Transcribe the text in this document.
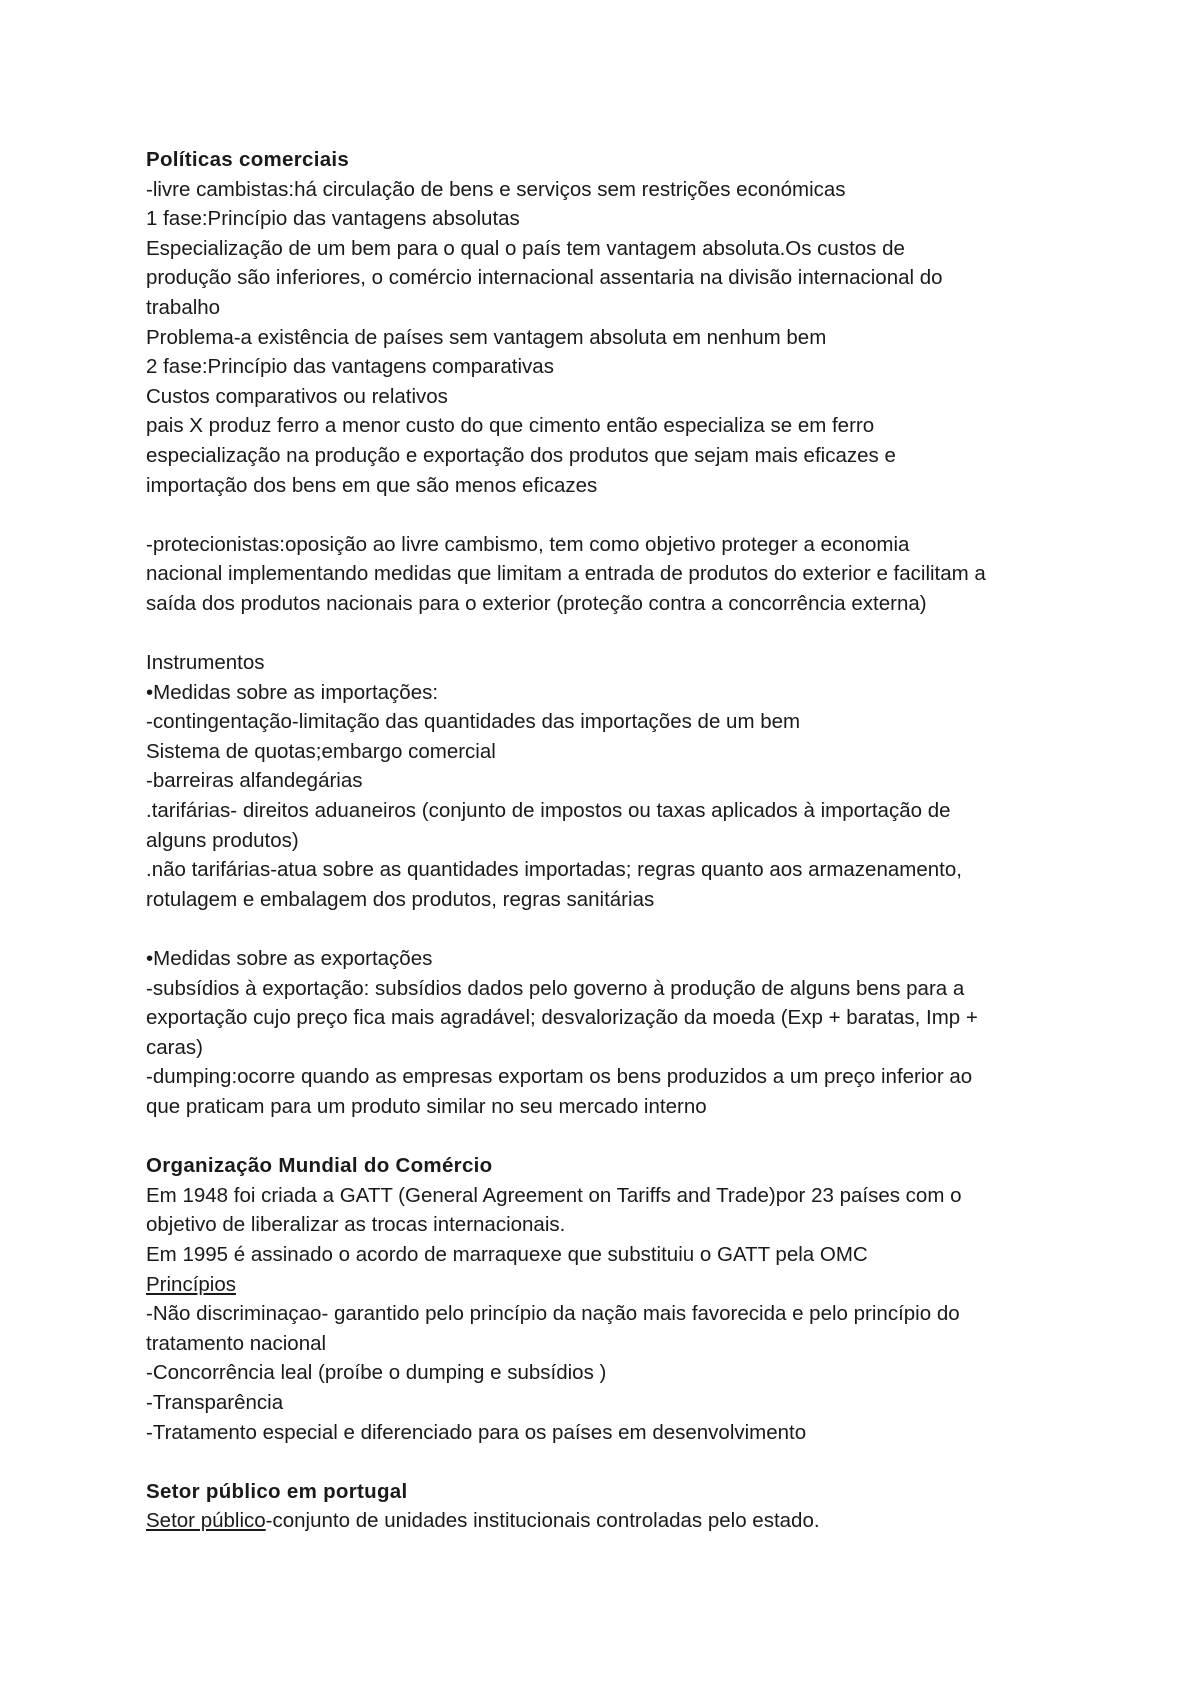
Políticas comerciais
-livre cambistas:há circulação de bens e serviços sem restrições económicas
1 fase:Princípio das vantagens absolutas
Especialização de um bem para o qual o país tem vantagem absoluta.Os custos de
produção são inferiores, o comércio internacional assentaria na divisão internacional do
trabalho
Problema-a existência de países sem vantagem absoluta em nenhum bem
2 fase:Princípio das vantagens comparativas
Custos comparativos ou relativos
pais X produz ferro a menor custo do que cimento então especializa se em ferro
especialização na produção e exportação dos produtos que sejam mais eficazes e
importação dos bens em que são menos eficazes
-protecionistas:oposição ao livre cambismo, tem como objetivo proteger a economia
nacional implementando medidas que limitam a entrada de produtos do exterior e facilitam a
saída dos produtos nacionais para o exterior (proteção contra a concorrência externa)
Instrumentos
•Medidas sobre as importações:
-contingentação-limitação das quantidades das importações de um bem
Sistema de quotas;embargo comercial
-barreiras alfandegárias
.tarifárias- direitos aduaneiros (conjunto de impostos ou taxas aplicados à importação de
alguns produtos)
.não tarifárias-atua sobre as quantidades importadas; regras quanto aos armazenamento,
rotulagem e embalagem dos produtos, regras sanitárias
•Medidas sobre as exportações
-subsídios à exportação: subsídios dados pelo governo à produção de alguns bens para a
exportação cujo preço fica mais agradável; desvalorização da moeda (Exp + baratas, Imp +
caras)
-dumping:ocorre quando as empresas exportam os bens produzidos a um preço inferior ao
que praticam para um produto similar no seu mercado interno
Organização Mundial do Comércio
Em 1948 foi criada a GATT (General Agreement on Tariffs and Trade)por 23 países com o
objetivo de liberalizar as trocas internacionais.
Em 1995 é assinado o acordo de marraquexe que substituiu o GATT pela OMC
Princípios
-Não discriminaçao- garantido pelo princípio da nação mais favorecida e pelo princípio do
tratamento nacional
-Concorrência leal (proíbe o dumping e subsídios )
-Transparência
-Tratamento especial e diferenciado para os países em desenvolvimento
Setor público em portugal
Setor público-conjunto de unidades institucionais controladas pelo estado.
